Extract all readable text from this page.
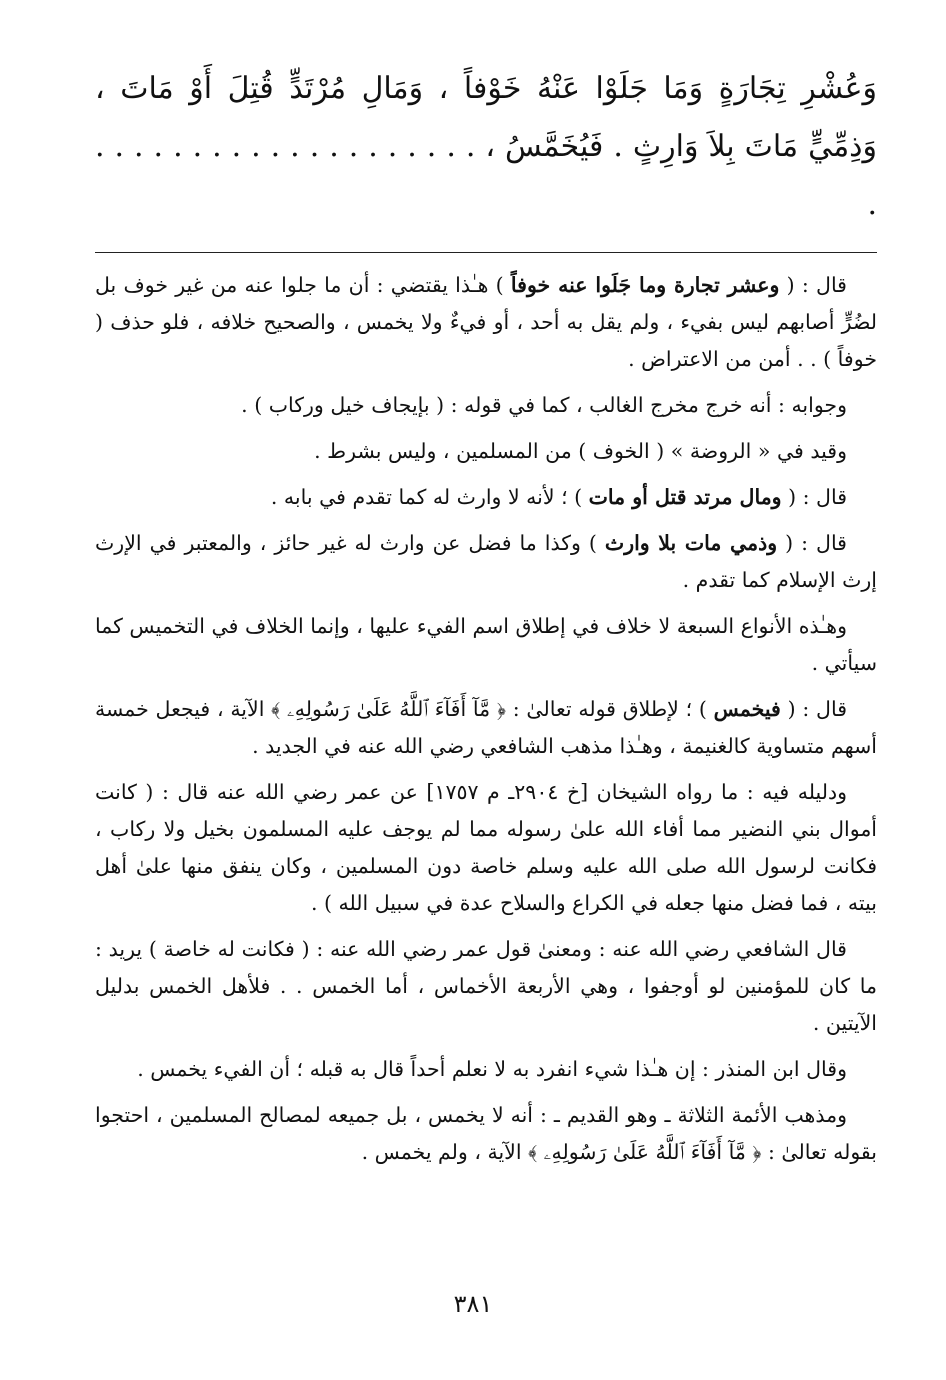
وَعُشْرِ تِجَارَةٍ وَمَا جَلَوْا عَنْهُ خَوْفاً ، وَمَالِ مُرْتَدٍّ قُتِلَ أَوْ مَاتَ ، وَذِمِّيٍّ مَاتَ بِلاَ وَارِثٍ . فَيُخَمَّسُ ، . . . . . . . . . . . . . . . . . . . . .

قال : ( وعشر تجارة وما جَلَوا عنه خوفاً ) هـٰذا يقتضي : أن ما جلوا عنه من غير خوف بل لضُرٍّ أصابهم ليس بفيء ، ولم يقل به أحد ، أو فيءٌ ولا يخمس ، والصحيح خلافه ، فلو حذف ( خوفاً ) . . أمن من الاعتراض .

وجوابه : أنه خرج مخرج الغالب ، كما في قوله : ( بإيجاف خيل وركاب ) .

وقيد في « الروضة » ( الخوف ) من المسلمين ، وليس بشرط .

قال : ( ومال مرتد قتل أو مات ) ؛ لأنه لا وارث له كما تقدم في بابه .

قال : ( وذمي مات بلا وارث ) وكذا ما فضل عن وارث له غير حائز ، والمعتبر في الإرث إرث الإسلام كما تقدم .

وهـٰذه الأنواع السبعة لا خلاف في إطلاق اسم الفيء عليها ، وإنما الخلاف في التخميس كما سيأتي .

قال : ( فيخمس ) ؛ لإطلاق قوله تعالىٰ : ﴿ مَّآ أَفَآءَ ٱللَّهُ عَلَىٰ رَسُولِهِۦ ﴾ الآية ، فيجعل خمسة أسهم متساوية كالغنيمة ، وهـٰذا مذهب الشافعي رضي الله عنه في الجديد .

ودليله فيه : ما رواه الشيخان [خ ٢٩٠٤ـ م ١٧٥٧] عن عمر رضي الله عنه قال : ( كانت أموال بني النضير مما أفاء الله علىٰ رسوله مما لم يوجف عليه المسلمون بخيل ولا ركاب ، فكانت لرسول الله صلى الله عليه وسلم خاصة دون المسلمين ، وكان ينفق منها علىٰ أهل بيته ، فما فضل منها جعله في الكراع والسلاح عدة في سبيل الله ) .

قال الشافعي رضي الله عنه : ومعنىٰ قول عمر رضي الله عنه : ( فكانت له خاصة ) يريد : ما كان للمؤمنين لو أوجفوا ، وهي الأربعة الأخماس ، أما الخمس . . فلأهل الخمس بدليل الآيتين .

وقال ابن المنذر : إن هـٰذا شيء انفرد به لا نعلم أحداً قال به قبله ؛ أن الفيء يخمس .

ومذهب الأئمة الثلاثة ـ وهو القديم ـ : أنه لا يخمس ، بل جميعه لمصالح المسلمين ، احتجوا بقوله تعالىٰ : ﴿ مَّآ أَفَآءَ ٱللَّهُ عَلَىٰ رَسُولِهِۦ ﴾ الآية ، ولم يخمس .

٣٨١
